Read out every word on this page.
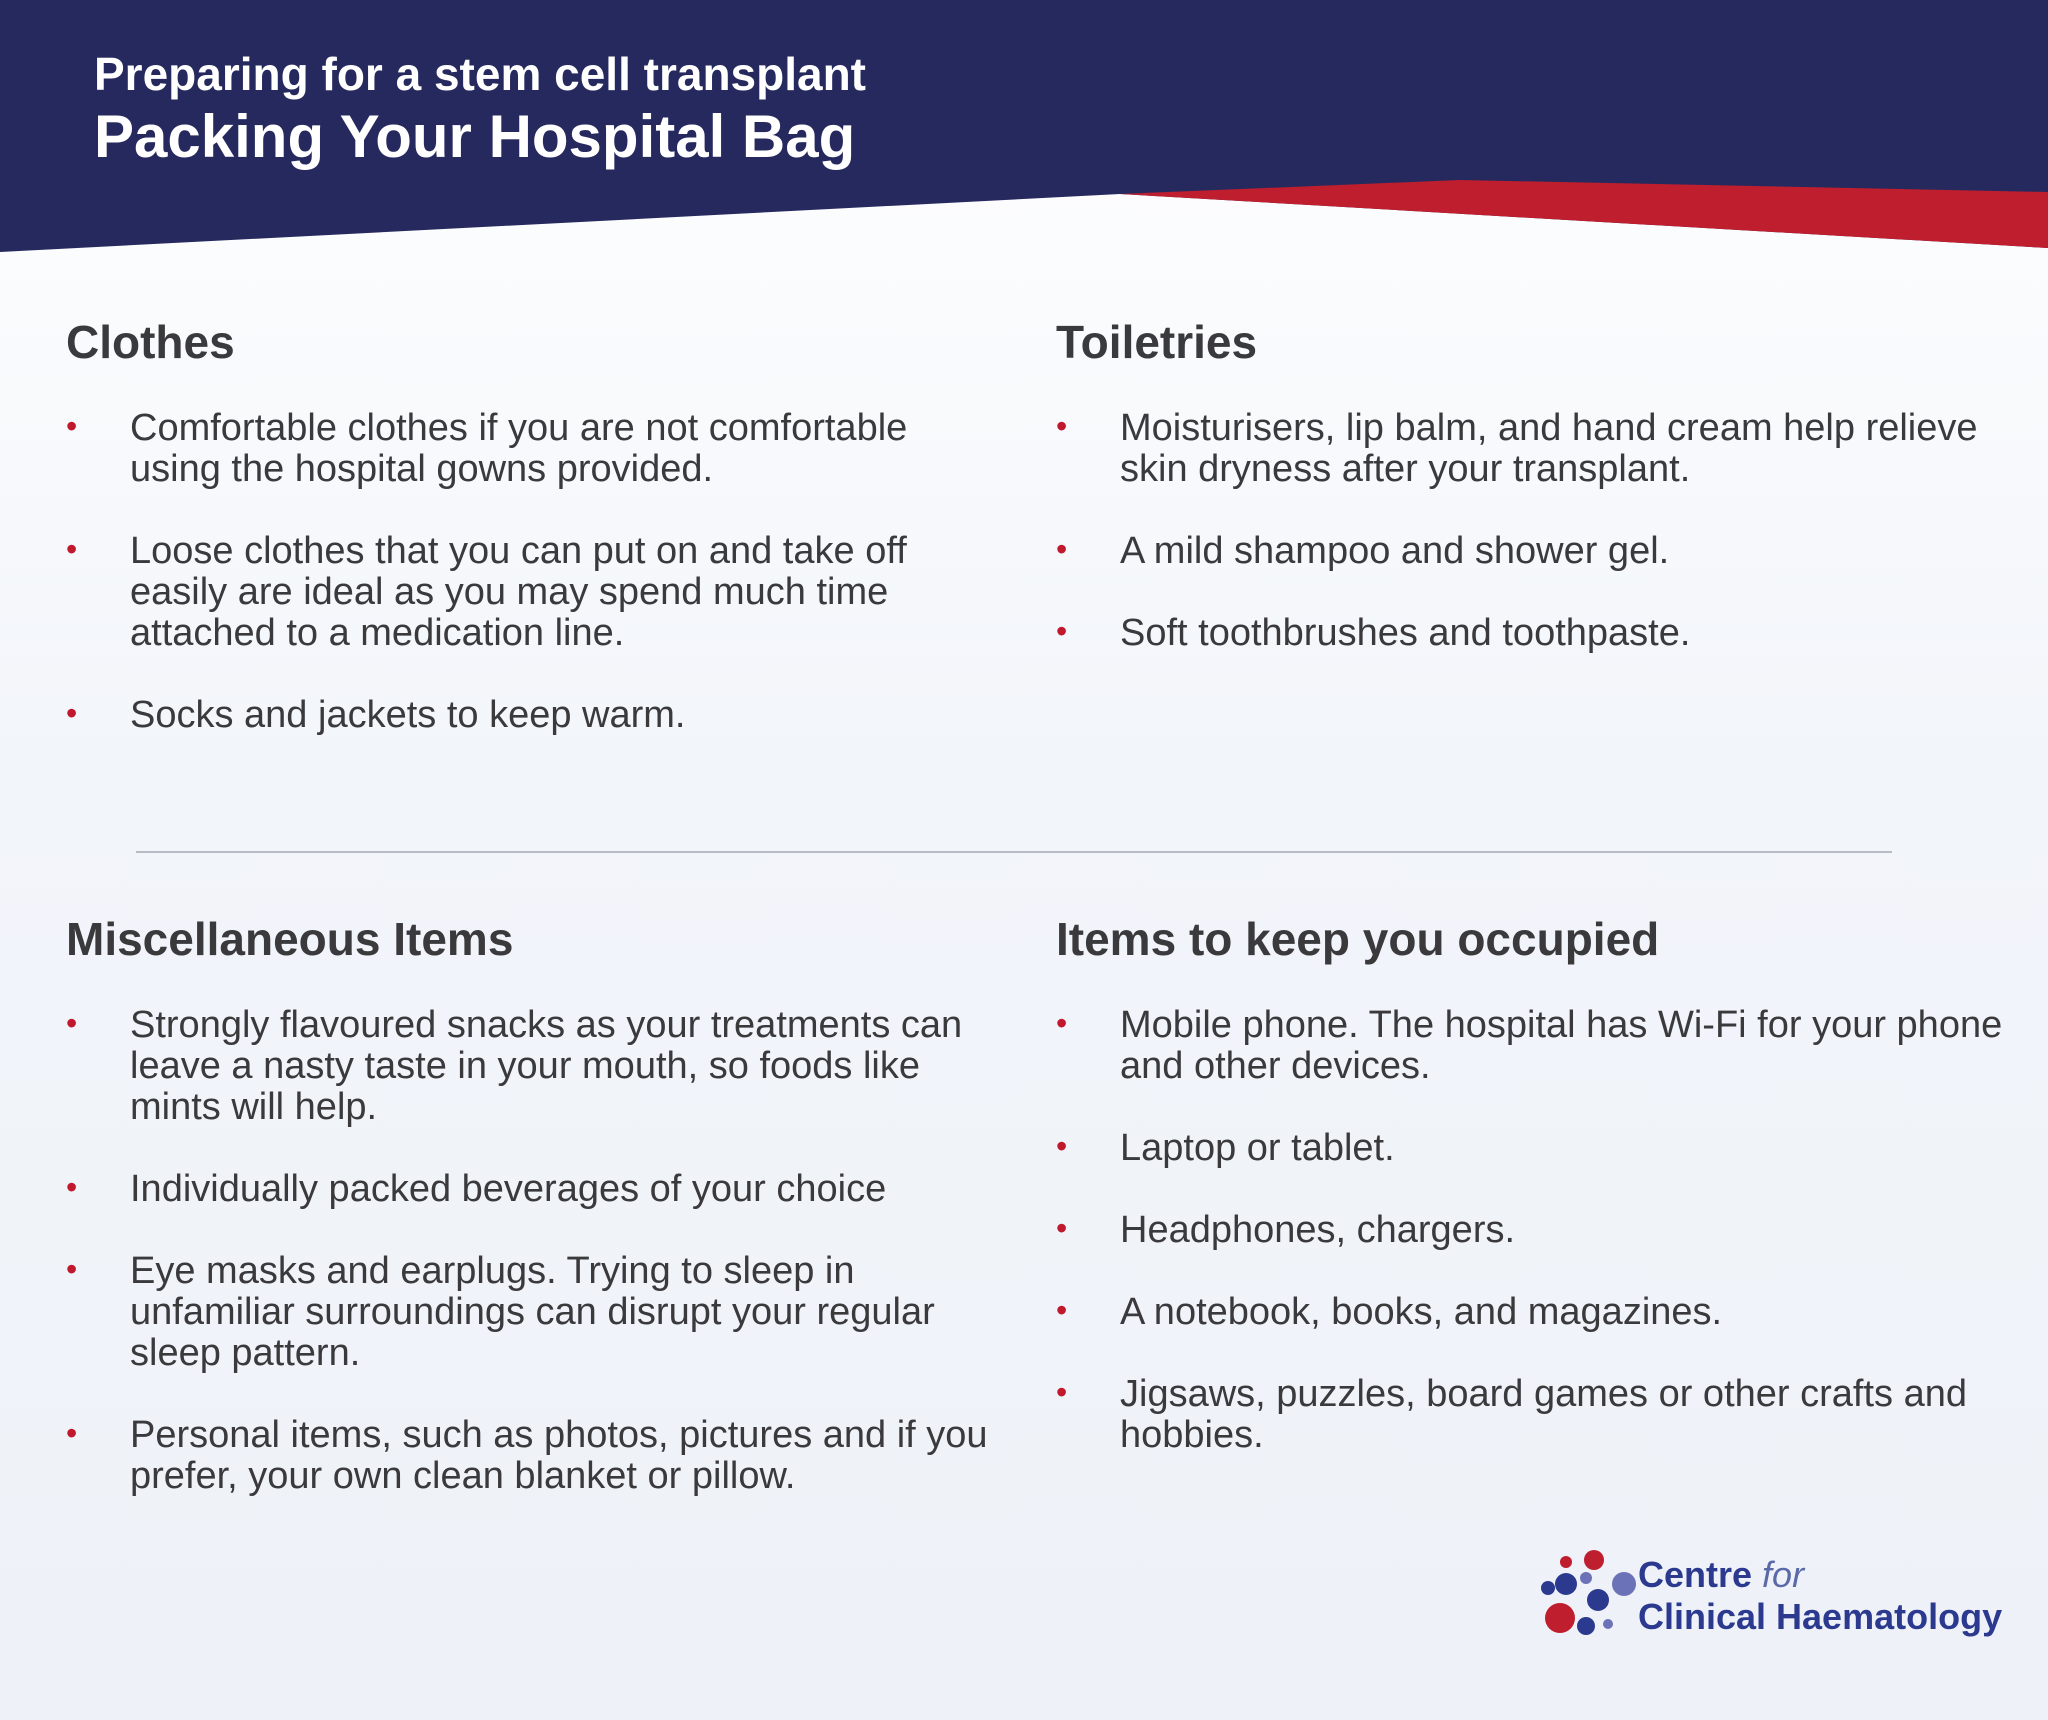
Preparing for a stem cell transplant
Packing Your Hospital Bag
Clothes
• Comfortable clothes if you are not comfortable using the hospital gowns provided.
• Loose clothes that you can put on and take off easily are ideal as you may spend much time attached to a medication line.
• Socks and jackets to keep warm.
Toiletries
• Moisturisers, lip balm, and hand cream help relieve skin dryness after your transplant.
• A mild shampoo and shower gel.
• Soft toothbrushes and toothpaste.
Miscellaneous Items
• Strongly flavoured snacks as your treatments can leave a nasty taste in your mouth, so foods like mints will help.
• Individually packed beverages of your choice
• Eye masks and earplugs. Trying to sleep in unfamiliar surroundings can disrupt your regular sleep pattern.
• Personal items, such as photos, pictures and if you prefer, your own clean blanket or pillow.
Items to keep you occupied
• Mobile phone. The hospital has Wi-Fi for your phone and other devices.
• Laptop or tablet.
• Headphones, chargers.
• A notebook, books, and magazines.
• Jigsaws, puzzles, board games or other crafts and hobbies.
Centre for
Clinical Haematology
